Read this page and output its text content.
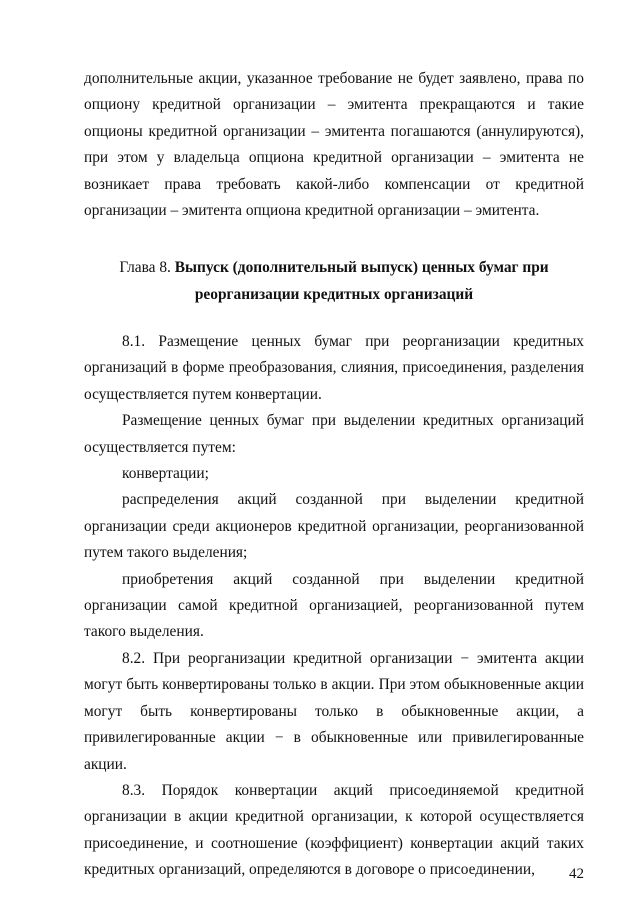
дополнительные акции, указанное требование не будет заявлено, права по опциону кредитной организации – эмитента прекращаются и такие опционы кредитной организации – эмитента погашаются (аннулируются), при этом у владельца опциона кредитной организации – эмитента не возникает права требовать какой-либо компенсации от кредитной организации – эмитента опциона кредитной организации – эмитента.

Глава 8. Выпуск (дополнительный выпуск) ценных бумаг при
реорганизации кредитных организаций

8.1. Размещение ценных бумаг при реорганизации кредитных организаций в форме преобразования, слияния, присоединения, разделения осуществляется путем конвертации.

Размещение ценных бумаг при выделении кредитных организаций осуществляется путем:

конвертации;

распределения акций созданной при выделении кредитной организации среди акционеров кредитной организации, реорганизованной путем такого выделения;

приобретения акций созданной при выделении кредитной организации самой кредитной организацией, реорганизованной путем такого выделения.

8.2. При реорганизации кредитной организации − эмитента акции могут быть конвертированы только в акции. При этом обыкновенные акции могут быть конвертированы только в обыкновенные акции, а привилегированные акции − в обыкновенные или привилегированные акции.

8.3. Порядок конвертации акций присоединяемой кредитной организации в акции кредитной организации, к которой осуществляется присоединение, и соотношение (коэффициент) конвертации акций таких кредитных организаций, определяются в договоре о присоединении,	42
